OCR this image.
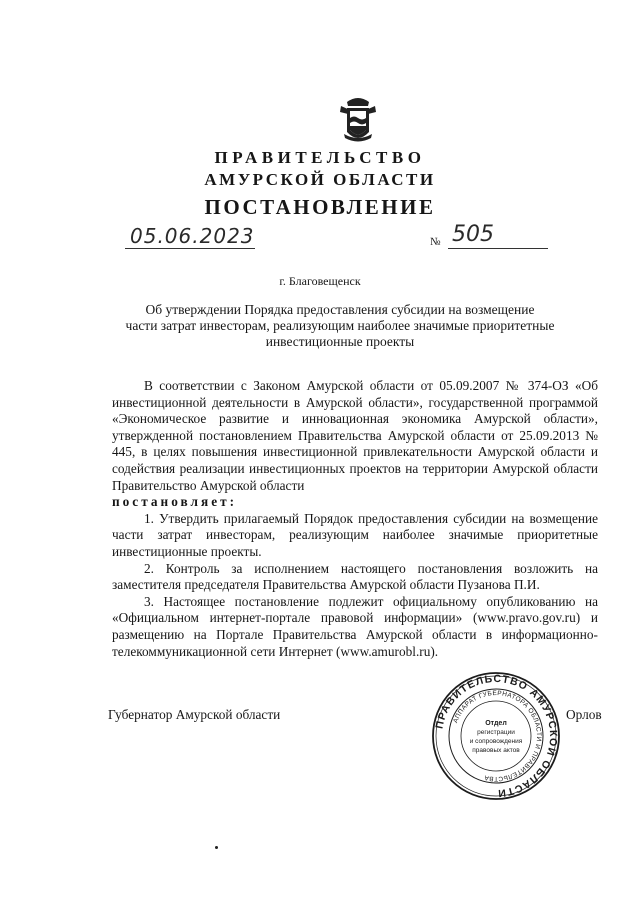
ПРАВИТЕЛЬСТВО
АМУРСКОЙ ОБЛАСТИ
ПОСТАНОВЛЕНИЕ
05.06.2023	№ 505
г. Благовещенск
Об утверждении Порядка предоставления субсидии на возмещение
части затрат инвесторам, реализующим наиболее значимые приоритетные
инвестиционные проекты

В соответствии с Законом Амурской области от 05.09.2007 № 374-ОЗ «Об инвестиционной деятельности в Амурской области», государственной программой «Экономическое развитие и инновационная экономика Амурской области», утвержденной постановлением Правительства Амурской области от 25.09.2013 № 445, в целях повышения инвестиционной привлекательности Амурской области и содействия реализации инвестиционных проектов на территории Амурской области Правительство Амурской области

постановляет:

1. Утвердить прилагаемый Порядок предоставления субсидии на возмещение части затрат инвесторам, реализующим наиболее значимые приоритетные инвестиционные проекты.

2. Контроль за исполнением настоящего постановления возложить на заместителя председателя Правительства Амурской области Пузанова П.И.

3. Настоящее постановление подлежит официальному опубликованию на «Официальном интернет-портале правовой информации» (www.pravo.gov.ru) и размещению на Портале Правительства Амурской области в информационно-телекоммуникационной сети Интернет (www.amurobl.ru).

Губернатор Амурской области	Орлов
ПРАВИТЕЛЬСТВО АМУРСКОЙ ОБЛАСТИ
АППАРАТ ГУБЕРНАТОРА ОБЛАСТИ И ПРАВИТЕЛЬСТВА
Отдел
регистрации
и сопровождения
правовых актов
